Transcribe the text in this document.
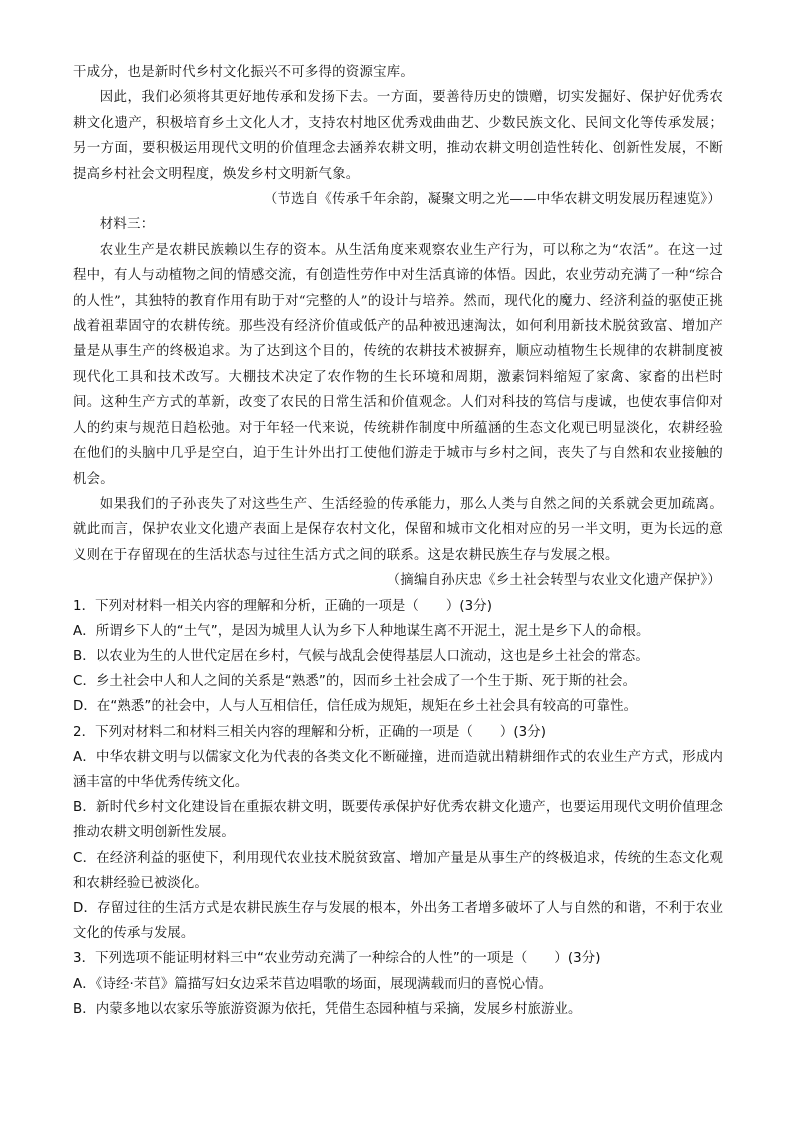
干成分，也是新时代乡村文化振兴不可多得的资源宝库。

因此，我们必须将其更好地传承和发扬下去。一方面，要善待历史的馈赠，切实发掘好、保护好优秀农耕文化遗产，积极培育乡土文化人才，支持农村地区优秀戏曲曲艺、少数民族文化、民间文化等传承发展；另一方面，要积极运用现代文明的价值理念去涵养农耕文明，推动农耕文明创造性转化、创新性发展，不断提高乡村社会文明程度，焕发乡村文明新气象。

（节选自《传承千年余韵，凝聚文明之光——中华农耕文明发展历程速览》）

材料三：

农业生产是农耕民族赖以生存的资本。从生活角度来观察农业生产行为，可以称之为“农活”。在这一过程中，有人与动植物之间的情感交流，有创造性劳作中对生活真谛的体悟。因此，农业劳动充满了一种“综合的人性”，其独特的教育作用有助于对“完整的人”的设计与培养。然而，现代化的魔力、经济利益的驱使正挑战着祖辈固守的农耕传统。那些没有经济价值或低产的品种被迅速淘汰，如何利用新技术脱贫致富、增加产量是从事生产的终极追求。为了达到这个目的，传统的农耕技术被摒弃，顺应动植物生长规律的农耕制度被现代化工具和技术改写。大棚技术决定了农作物的生长环境和周期，激素饲料缩短了家禽、家畜的出栏时间。这种生产方式的革新，改变了农民的日常生活和价值观念。人们对科技的笃信与虔诚，也使农事信仰对人的约束与规范日趋松弛。对于年轻一代来说，传统耕作制度中所蕴涵的生态文化观已明显淡化，农耕经验在他们的头脑中几乎是空白，迫于生计外出打工使他们游走于城市与乡村之间，丧失了与自然和农业接触的机会。

如果我们的子孙丧失了对这些生产、生活经验的传承能力，那么人类与自然之间的关系就会更加疏离。就此而言，保护农业文化遗产表面上是保存农村文化，保留和城市文化相对应的另一半文明，更为长远的意义则在于存留现在的生活状态与过往生活方式之间的联系。这是农耕民族生存与发展之根。

（摘编自孙庆忠《乡土社会转型与农业文化遗产保护》）

1．下列对材料一相关内容的理解和分析，正确的一项是（　　）(3分)

A．所谓乡下人的“土气”，是因为城里人认为乡下人种地谋生离不开泥土，泥土是乡下人的命根。

B．以农业为生的人世代定居在乡村，气候与战乱会使得基层人口流动，这也是乡土社会的常态。

C．乡土社会中人和人之间的关系是“熟悉”的，因而乡土社会成了一个生于斯、死于斯的社会。

D．在“熟悉”的社会中，人与人互相信任，信任成为规矩，规矩在乡土社会具有较高的可靠性。

2．下列对材料二和材料三相关内容的理解和分析，正确的一项是（　　）(3分)

A．中华农耕文明与以儒家文化为代表的各类文化不断碰撞，进而造就出精耕细作式的农业生产方式，形成内涵丰富的中华优秀传统文化。

B．新时代乡村文化建设旨在重振农耕文明，既要传承保护好优秀农耕文化遗产，也要运用现代文明价值理念推动农耕文明创新性发展。

C．在经济利益的驱使下，利用现代农业技术脱贫致富、增加产量是从事生产的终极追求，传统的生态文化观和农耕经验已被淡化。

D．存留过往的生活方式是农耕民族生存与发展的根本，外出务工者增多破坏了人与自然的和谐，不利于农业文化的传承与发展。

3．下列选项不能证明材料三中“农业劳动充满了一种综合的人性”的一项是（　　）(3分)

A．《诗经·芣苢》篇描写妇女边采芣苢边唱歌的场面，展现满载而归的喜悦心情。

B．内蒙多地以农家乐等旅游资源为依托，凭借生态园种植与采摘，发展乡村旅游业。
